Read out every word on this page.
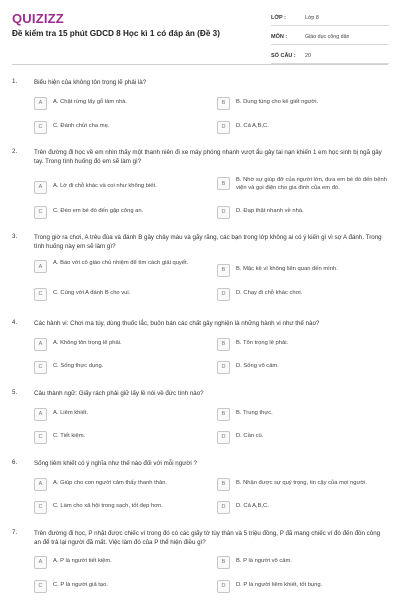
QUIZIZZ
Đề kiểm tra 15 phút GDCD 8 Học kì 1 có đáp án (Đề 3)
LỚP :	Lớp 8
MÔN :	Giáo dục công dân
SỐ CÂU :	20
1.	Biểu hiện của không tôn trọng lẽ phải là?
A	A. Chặt rừng lấy gỗ làm nhà.	B	B. Dung túng cho kẻ giết người.
C	C. Đánh chửi cha mẹ.	D	D. Cả A,B,C.
2.	Trên đường đi học về em nhìn thấy một thanh niên đi xe máy phóng nhanh vượt ẩu gây tai nạn khiến 1 em học sinh bị ngã gây tay. Trong tình huống đó em sẽ làm gì?
A	A. Lờ đi chỗ khác và coi như không biết.	B
B. Nhờ sự giúp đỡ của người lớn, đưa em bé đó đến bệnh viện và gọi điện cho gia đình của em đó.
C	C. Đèo em bé đó đến gặp công an.	D	D. Đạp thật nhanh về nhà.
3.	Trong giờ ra chơi, A trêu đùa và đánh B gây chảy máu và gãy răng, các bạn trong lớp không ai có ý kiến gì vì sợ A đánh. Trong tình huống này em sẽ làm gì?
A
A. Báo với cô giáo chủ nhiệm để tìm cách giải quyết.
B	B. Mặc kệ vì không liên quan đến mình.
C	C. Cùng với A đánh B cho vui.	D	D. Chạy đi chỗ khác chơi.
4.	Các hành vi: Chơi ma túy, dùng thuốc lắc, buôn bán các chất gây nghiện là những hành vi như thế nào?
A	A. Không tôn trọng lẽ phải.	B	B. Tôn trọng lẽ phải.
C	C. Sống thực dụng.	D	D. Sống vô cảm.
5.	Câu thành ngữ: Giấy rách phải giữ lấy lề nói về đức tính nào?
A	A. Liêm khiết.	B	B. Trung thực.
C	C. Tiết kiệm.	D	D. Cần cù.
6.	Sống liêm khiết có ý nghĩa như thế nào đối với mỗi người ?
A	A. Giúp cho con người cảm thấy thanh thản.	B	B. Nhận được sự quý trọng, tin cậy của mọi người.
C	C. Làm cho xã hội trong sạch, tốt đẹp hơn.	D	D. Cả A,B,C.
7.	Trên đường đi học, P nhặt được chiếc ví trong đó có các giấy tờ tùy thân và 5 triệu đồng, P đã mang chiếc ví đó đến đồn công an để trả lại người đã mất. Việc làm đó của P thể hiện điều gì?
A	A. P là người tiết kiệm.	B	B. P là người vô cảm.
C	C. P là người giả tạo.	D	D. P là người liêm khiết, tốt bụng.
